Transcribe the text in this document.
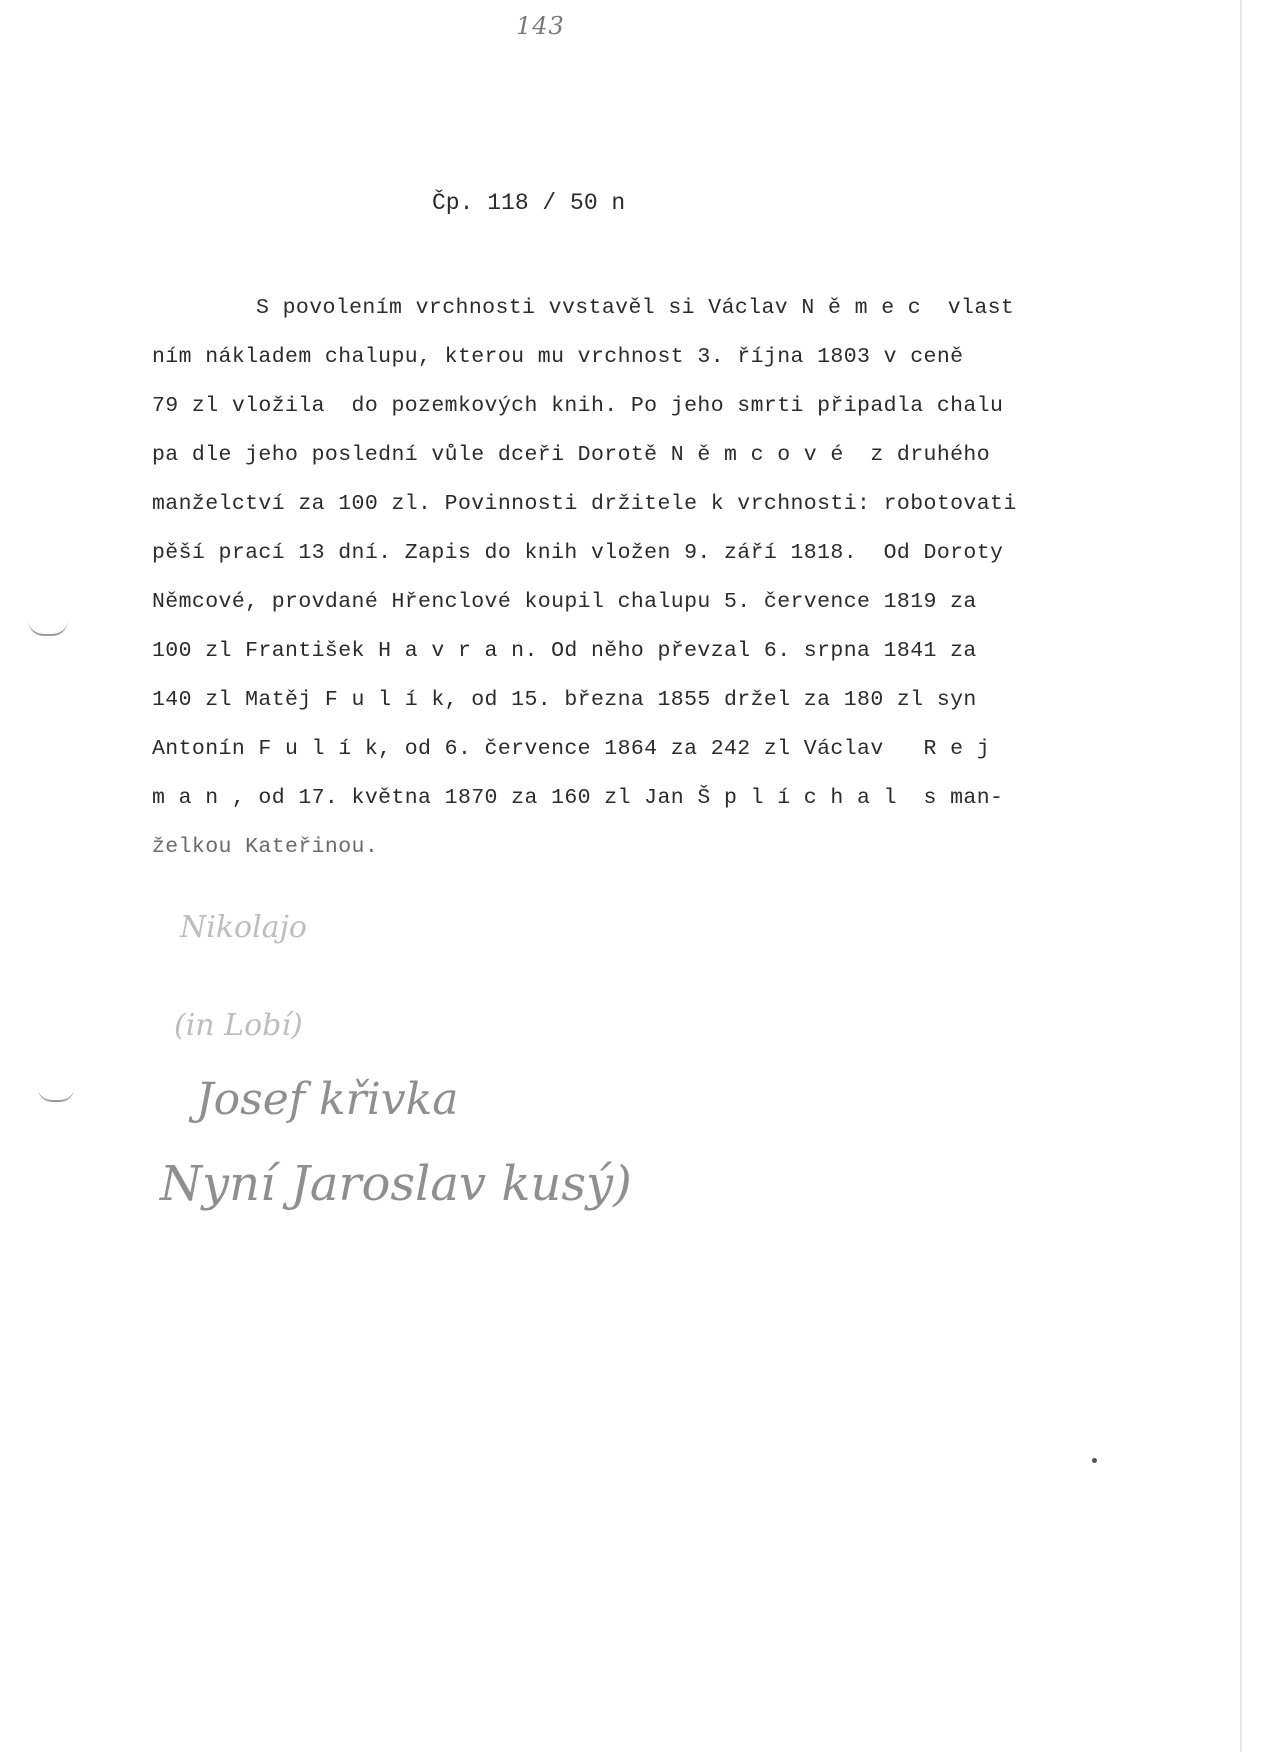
143
Čp. 118 / 50 n
S povolením vrchnosti vvstavěl si Václav N ě m e c  vlast
ním nákladem chalupu, kterou mu vrchnost 3. října 1803 v ceně
79 zl vložila  do pozemkových knih. Po jeho smrti připadla chalu
pa dle jeho poslední vůle dceři Dorotě N ě m c o v é  z druhého
manželctví za 100 zl. Povinnosti držitele k vrchnosti: robotovati
pěší prací 13 dní. Zapis do knih vložen 9. září 1818.  Od Doroty
Němcové, provdané Hřenclové koupil chalupu 5. července 1819 za
100 zl František H a v r a n. Od něho převzal 6. srpna 1841 za
140 zl Matěj F u l í k, od 15. března 1855 držel za 180 zl syn
Antonín F u l í k, od 6. července 1864 za 242 zl Václav   R e j
m a n , od 17. května 1870 za 160 zl Jan Š p l í c h a l  s man-
želkou Kateřinou.
Nikolajo
(in Lobí)
Josef křivka
Nyní Jaroslav kusý)
